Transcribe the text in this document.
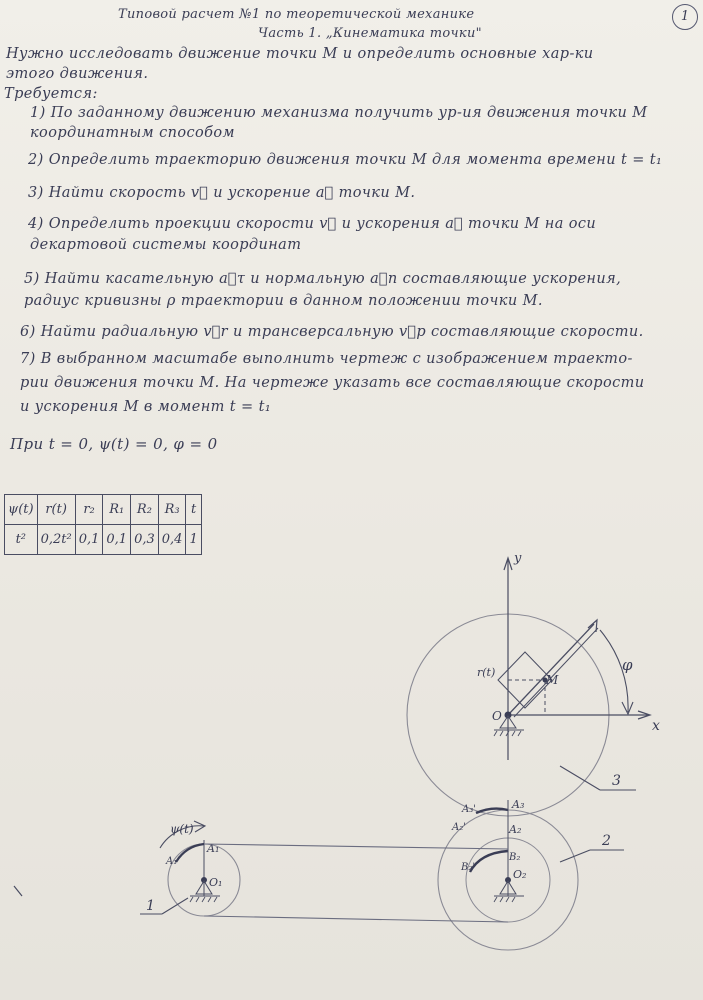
1
Типовой расчет №1 по теоретической механике
Часть 1. „Кинематика точки"
Нужно исследовать движение точки М и определить основные хар-ки
этого движения.
Требуется:
1) По заданному движению механизма получить ур-ия движения точки М
координатным способом
2) Определить траекторию движения точки М для момента времени t = t₁
3) Найти скорость v⃗ и ускорение a⃗ точки М.
4) Определить проекции скорости v⃗ и ускорения a⃗ точки М на оси
декартовой системы координат
5) Найти касательную a⃗τ и нормальную a⃗n составляющие ускорения,
радиус кривизны ρ траектории в данном положении точки М.
6) Найти радиальную v⃗r и трансверсальную v⃗p составляющие скорости.
7) В выбранном масштабе выполнить чертеж с изображением траекто-
рии движения точки М. На чертеже указать все составляющие скорости
и ускорения М в момент t = t₁
При t = 0, ψ(t) = 0, φ = 0
ψ(t)	r(t)	r₂	R₁	R₂	R₃	t
t²	0,2t²	0,1	0,1	0,3	0,4	1
y
x
M
r(t)
O
φ
3
O₂
A₃
A₃'
A₂
A₂'
B₂
B₂'
2
O₁
A₁
A₁'
ψ(t)
1
